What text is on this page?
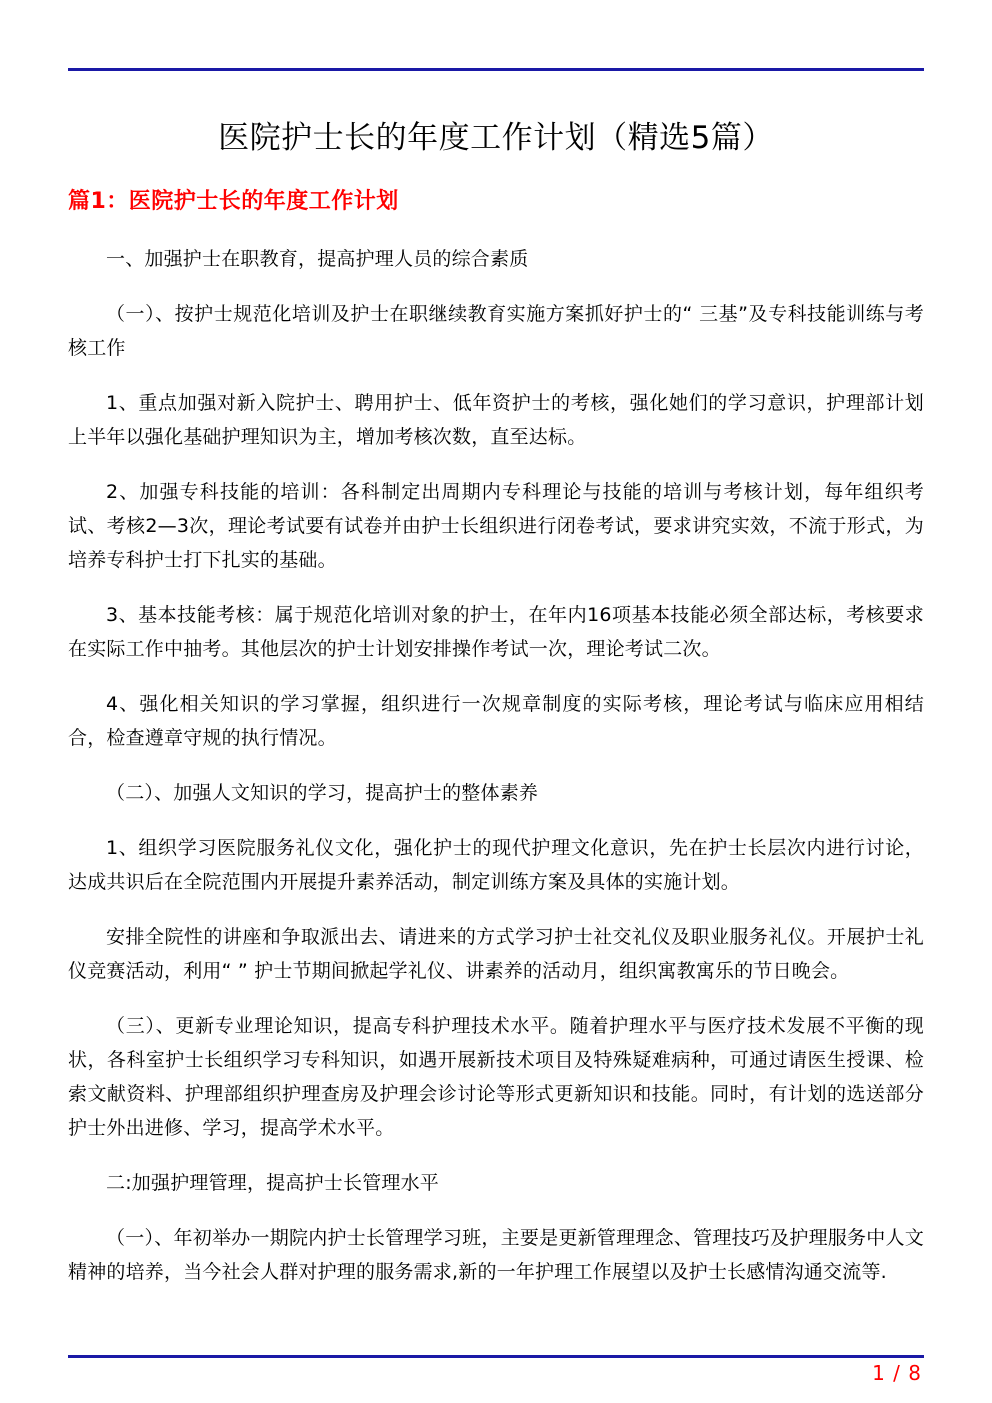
医院护士长的年度工作计划（精选5篇）
篇1：医院护士长的年度工作计划

一、加强护士在职教育，提高护理人员的综合素质

（一）、按护士规范化培训及护士在职继续教育实施方案抓好护士的“ 三基”及专科技能训练与考核工作

1、重点加强对新入院护士、聘用护士、低年资护士的考核，强化她们的学习意识，护理部计划上半年以强化基础护理知识为主，增加考核次数，直至达标。

2、加强专科技能的培训：各科制定出周期内专科理论与技能的培训与考核计划，每年组织考试、考核2—3次，理论考试要有试卷并由护士长组织进行闭卷考试，要求讲究实效，不流于形式，为培养专科护士打下扎实的基础。

3、基本技能考核：属于规范化培训对象的护士，在年内16项基本技能必须全部达标，考核要求在实际工作中抽考。其他层次的护士计划安排操作考试一次，理论考试二次。

4、强化相关知识的学习掌握，组织进行一次规章制度的实际考核，理论考试与临床应用相结合，检查遵章守规的执行情况。

（二）、加强人文知识的学习，提高护士的整体素养

1、组织学习医院服务礼仪文化，强化护士的现代护理文化意识，先在护士长层次内进行讨论，达成共识后在全院范围内开展提升素养活动，制定训练方案及具体的实施计划。

安排全院性的讲座和争取派出去、请进来的方式学习护士社交礼仪及职业服务礼仪。开展护士礼仪竞赛活动，利用“ ” 护士节期间掀起学礼仪、讲素养的活动月，组织寓教寓乐的节日晚会。

（三）、更新专业理论知识，提高专科护理技术水平。随着护理水平与医疗技术发展不平衡的现状，各科室护士长组织学习专科知识，如遇开展新技术项目及特殊疑难病种，可通过请医生授课、检索文献资料、护理部组织护理查房及护理会诊讨论等形式更新知识和技能。同时，有计划的选送部分护士外出进修、学习，提高学术水平。

二:加强护理管理，提高护士长管理水平

（一）、年初举办一期院内护士长管理学习班，主要是更新管理理念、管理技巧及护理服务中人文精神的培养，当今社会人群对护理的服务需求,新的一年护理工作展望以及护士长感情沟通交流等.

1 / 8
